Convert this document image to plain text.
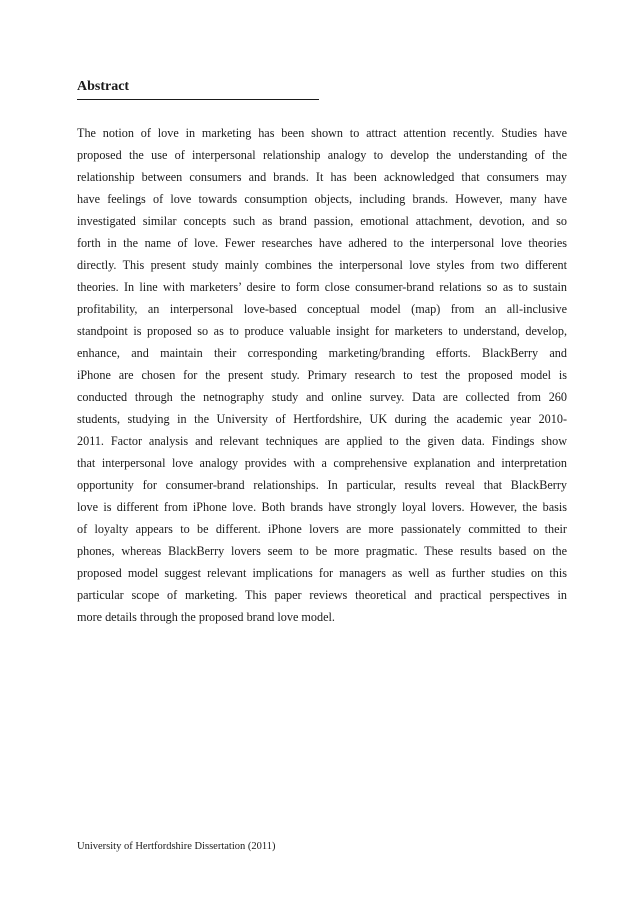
Abstract
The notion of love in marketing has been shown to attract attention recently. Studies have
proposed the use of interpersonal relationship analogy to develop the understanding of the
relationship between consumers and brands. It has been acknowledged that consumers may
have feelings of love towards consumption objects, including brands. However, many have
investigated similar concepts such as brand passion, emotional attachment, devotion, and so
forth in the name of love. Fewer researches have adhered to the interpersonal love theories
directly. This present study mainly combines the interpersonal love styles from two different
theories. In line with marketers’ desire to form close consumer-brand relations so as to sustain
profitability, an interpersonal love-based conceptual model (map) from an all-inclusive
standpoint is proposed so as to produce valuable insight for marketers to understand, develop,
enhance, and maintain their corresponding marketing/branding efforts. BlackBerry and
iPhone are chosen for the present study. Primary research to test the proposed model is
conducted through the netnography study and online survey. Data are collected from 260
students, studying in the University of Hertfordshire, UK during the academic year 2010-
2011. Factor analysis and relevant techniques are applied to the given data. Findings show
that interpersonal love analogy provides with a comprehensive explanation and interpretation
opportunity for consumer-brand relationships. In particular, results reveal that BlackBerry
love is different from iPhone love. Both brands have strongly loyal lovers. However, the basis
of loyalty appears to be different. iPhone lovers are more passionately committed to their
phones, whereas BlackBerry lovers seem to be more pragmatic. These results based on the
proposed model suggest relevant implications for managers as well as further studies on this
particular scope of marketing. This paper reviews theoretical and practical perspectives in
more details through the proposed brand love model.
University of Hertfordshire Dissertation (2011)
